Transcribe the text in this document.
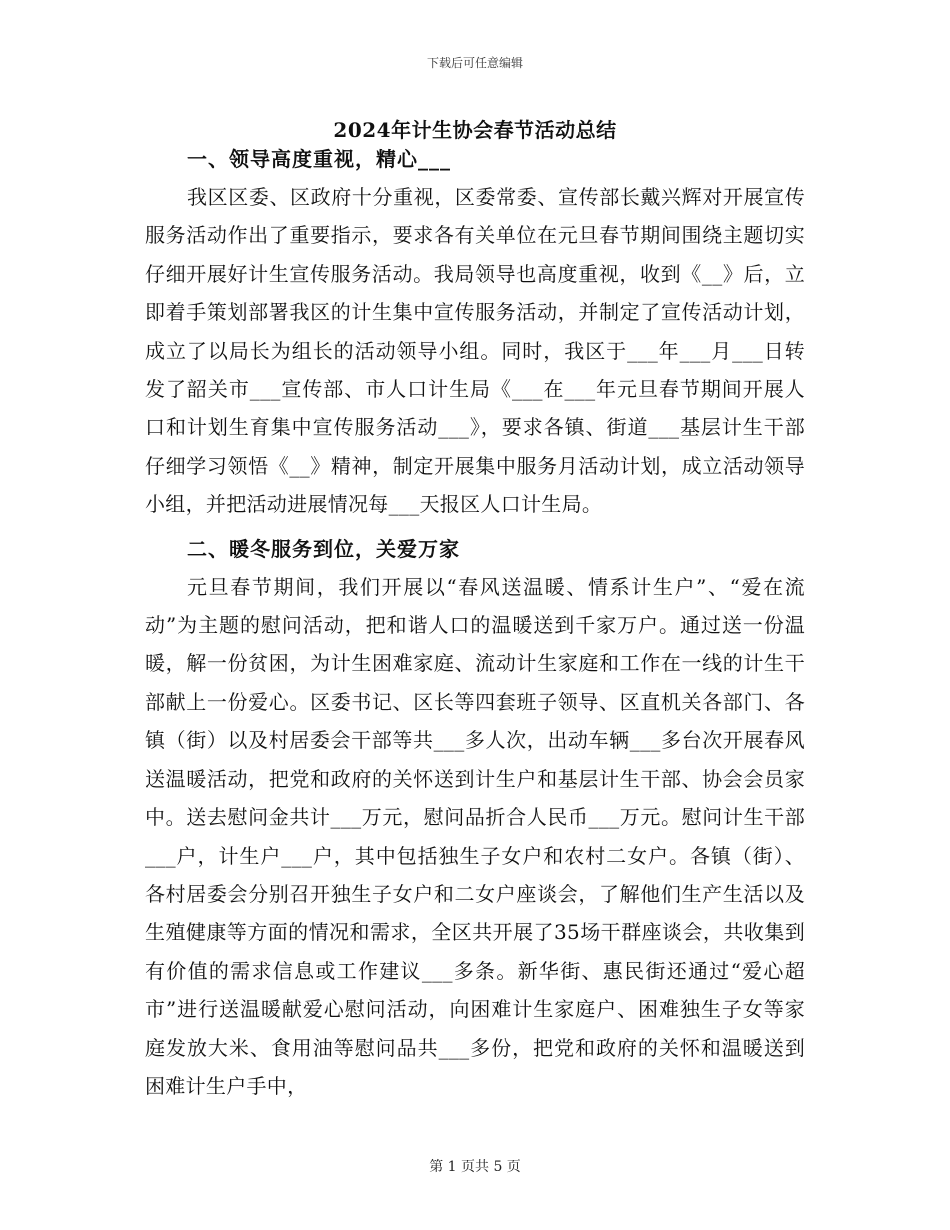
下载后可任意编辑
2024年计生协会春节活动总结
一、领导高度重视，精心___

我区区委、区政府十分重视，区委常委、宣传部长戴兴辉对开展宣传服务活动作出了重要指示，要求各有关单位在元旦春节期间围绕主题切实仔细开展好计生宣传服务活动。我局领导也高度重视，收到《__》后，立即着手策划部署我区的计生集中宣传服务活动，并制定了宣传活动计划，成立了以局长为组长的活动领导小组。同时，我区于___年___月___日转发了韶关市___宣传部、市人口计生局《___在___年元旦春节期间开展人口和计划生育集中宣传服务活动___》，要求各镇、街道___基层计生干部仔细学习领悟《__》精神，制定开展集中服务月活动计划，成立活动领导小组，并把活动进展情况每___天报区人口计生局。

二、暖冬服务到位，关爱万家

元旦春节期间，我们开展以“春风送温暖、情系计生户”、“爱在流动”为主题的慰问活动，把和谐人口的温暖送到千家万户。通过送一份温暖，解一份贫困，为计生困难家庭、流动计生家庭和工作在一线的计生干部献上一份爱心。区委书记、区长等四套班子领导、区直机关各部门、各镇（街）以及村居委会干部等共___多人次，出动车辆___多台次开展春风送温暖活动，把党和政府的关怀送到计生户和基层计生干部、协会会员家中。送去慰问金共计___万元，慰问品折合人民币___万元。慰问计生干部___户，计生户___户，其中包括独生子女户和农村二女户。各镇（街）、各村居委会分别召开独生子女户和二女户座谈会，了解他们生产生活以及生殖健康等方面的情况和需求，全区共开展了35场干群座谈会，共收集到有价值的需求信息或工作建议___多条。新华街、惠民街还通过“爱心超市”进行送温暖献爱心慰问活动，向困难计生家庭户、困难独生子女等家庭发放大米、食用油等慰问品共___多份，把党和政府的关怀和温暖送到困难计生户手中，

第 1 页共 5 页
